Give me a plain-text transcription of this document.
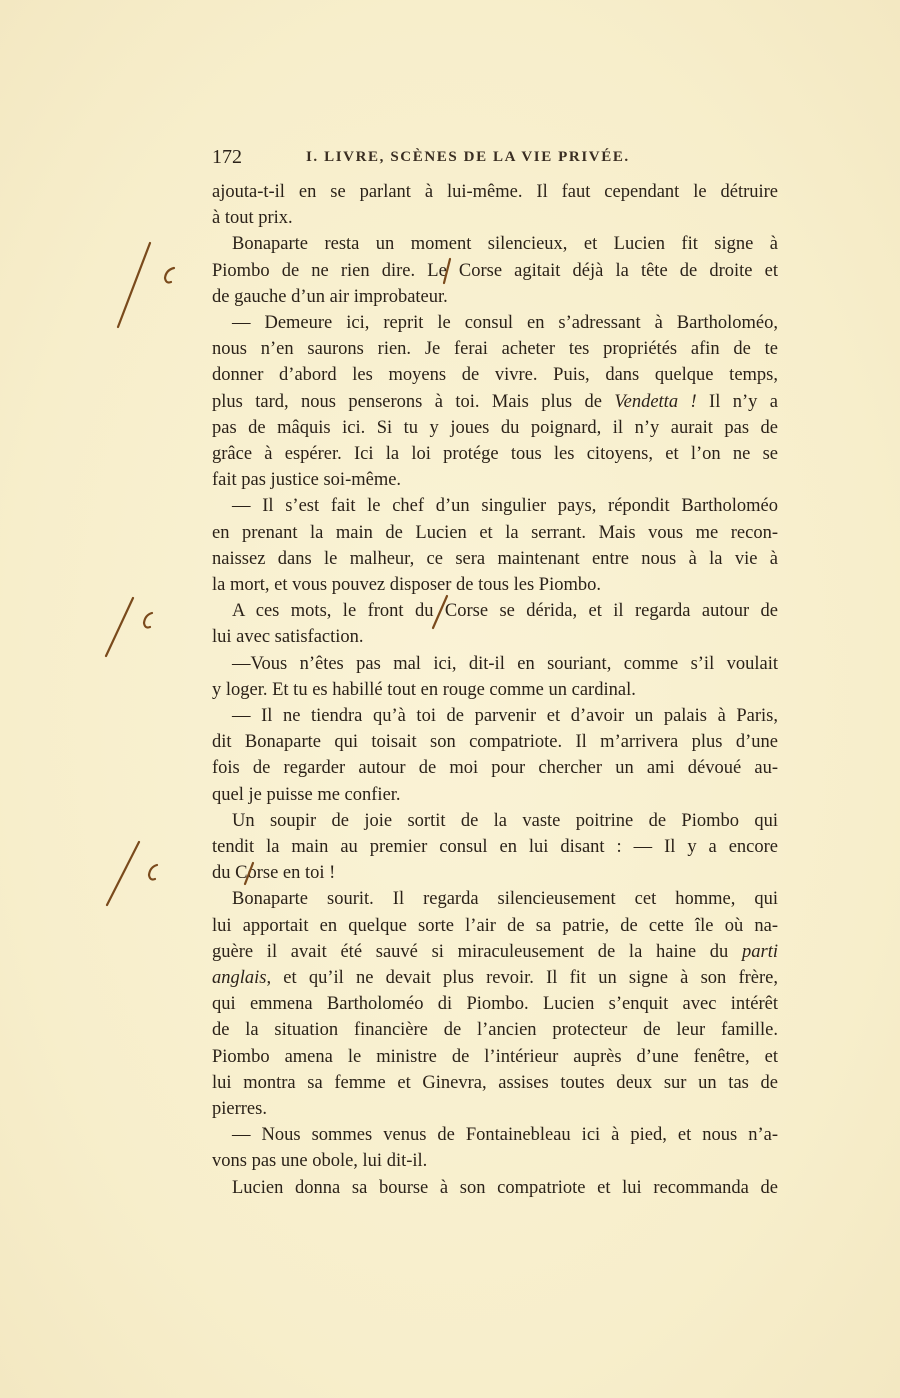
172	I. LIVRE, SCÈNES DE LA VIE PRIVÉE.
ajouta-t-il en se parlant à lui-même. Il faut cependant le détruire
à tout prix.
Bonaparte resta un moment silencieux, et Lucien fit signe à
Piombo de ne rien dire. Le Corse agitait déjà la tête de droite et
de gauche d’un air improbateur.
— Demeure ici, reprit le consul en s’adressant à Bartholoméo,
nous n’en saurons rien. Je ferai acheter tes propriétés afin de te
donner d’abord les moyens de vivre. Puis, dans quelque temps,
plus tard, nous penserons à toi. Mais plus de Vendetta ! Il n’y a
pas de mâquis ici. Si tu y joues du poignard, il n’y aurait pas de
grâce à espérer. Ici la loi protége tous les citoyens, et l’on ne se
fait pas justice soi-même.
— Il s’est fait le chef d’un singulier pays, répondit Bartholoméo
en prenant la main de Lucien et la serrant. Mais vous me recon-
naissez dans le malheur, ce sera maintenant entre nous à la vie à
la mort, et vous pouvez disposer de tous les Piombo.
A ces mots, le front du Corse se dérida, et il regarda autour de
lui avec satisfaction.
—Vous n’êtes pas mal ici, dit-il en souriant, comme s’il voulait
y loger. Et tu es habillé tout en rouge comme un cardinal.
— Il ne tiendra qu’à toi de parvenir et d’avoir un palais à Paris,
dit Bonaparte qui toisait son compatriote. Il m’arrivera plus d’une
fois de regarder autour de moi pour chercher un ami dévoué au-
quel je puisse me confier.
Un soupir de joie sortit de la vaste poitrine de Piombo qui
tendit la main au premier consul en lui disant : — Il y a encore
du Corse en toi !
Bonaparte sourit. Il regarda silencieusement cet homme, qui
lui apportait en quelque sorte l’air de sa patrie, de cette île où na-
guère il avait été sauvé si miraculeusement de la haine du parti
anglais, et qu’il ne devait plus revoir. Il fit un signe à son frère,
qui emmena Bartholoméo di Piombo. Lucien s’enquit avec intérêt
de la situation financière de l’ancien protecteur de leur famille.
Piombo amena le ministre de l’intérieur auprès d’une fenêtre, et
lui montra sa femme et Ginevra, assises toutes deux sur un tas de
pierres.
— Nous sommes venus de Fontainebleau ici à pied, et nous n’a-
vons pas une obole, lui dit-il.
Lucien donna sa bourse à son compatriote et lui recommanda de
